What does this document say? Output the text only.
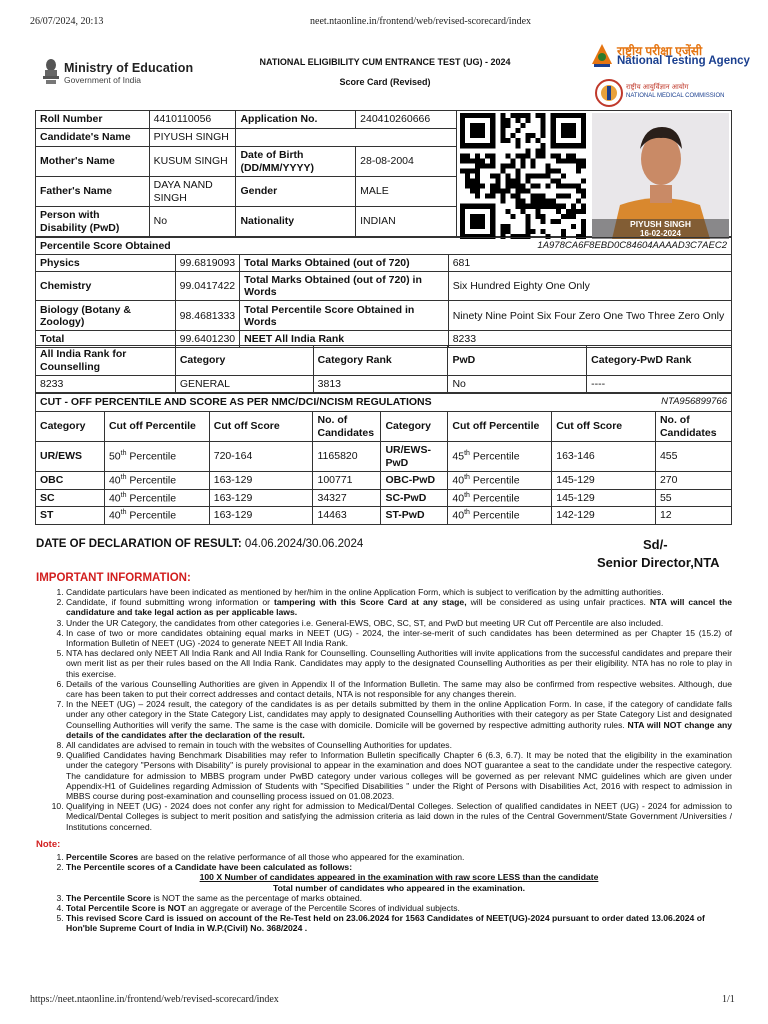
26/07/2024, 20:13	neet.ntaonline.in/frontend/web/revised-scorecard/index
https://neet.ntaonline.in/frontend/web/revised-scorecard/index	1/1
Ministry of Education
Government of India
राष्ट्रीय परीक्षा एजेंसी
National Testing Agency
राष्ट्रीय आयुर्विज्ञान आयोग
NATIONAL MEDICAL COMMISSION
NATIONAL ELIGIBILITY CUM ENTRANCE TEST (UG) - 2024
Score Card (Revised)
Roll Number	4410110056	Application No.	240410260666
Candidate's Name	PIYUSH SINGH		
Mother's Name	KUSUM SINGH	Date of Birth (DD/MM/YYYY)	28-08-2004
Father's Name	DAYA NAND SINGH	Gender	MALE
Person with Disability (PwD)	No	Nationality	INDIAN	PIYUSH SINGH
16-02-2024
Percentile Score Obtained		1A978CA6F8EBD0C84604AAAAD3C7AEC2	
Physics	99.6819093	Total Marks Obtained (out of 720)	681
Chemistry	99.0417422	Total Marks Obtained (out of 720) in Words	Six Hundred Eighty One Only
Biology (Botany & Zoology)	98.4681333	Total Percentile Score Obtained in Words	Ninety Nine Point Six Four Zero One Two Three Zero Only
Total	99.6401230	NEET All India Rank	8233
All India Rank for Counselling	Category	Category Rank	PwD	Category-PwD Rank
8233	GENERAL	3813	No	----
CUT - OFF PERCENTILE AND SCORE AS PER NMC/DCI/NCISM REGULATIONS						NTA956899766	
Category	Cut off Percentile	Cut off Score	No. of Candidates	Category	Cut off Percentile	Cut off Score	No. of Candidates
UR/EWS	50th Percentile	720-164	1165820	UR/EWS-PwD	45th Percentile	163-146	455
OBC	40th Percentile	163-129	100771	OBC-PwD	40th Percentile	145-129	270
SC	40th Percentile	163-129	34327	SC-PwD	40th Percentile	145-129	55
ST	40th Percentile	163-129	14463	ST-PwD	40th Percentile	142-129	12
DATE OF DECLARATION OF RESULT: 04.06.2024/30.06.2024	Sd/-
Senior Director,NTA
IMPORTANT INFORMATION:
1. Candidate particulars have been indicated as mentioned by her/him in the online Application Form, which is subject to verification by the admitting authorities.
2. Candidate, if found submitting wrong information or tampering with this Score Card at any stage, will be considered as using unfair practices. NTA will cancel the candidature and take legal action as per applicable laws.
3. Under the UR Category, the candidates from other categories i.e. General-EWS, OBC, SC, ST, and PwD but meeting UR Cut off Percentile are also included.
4. In case of two or more candidates obtaining equal marks in NEET (UG) - 2024, the inter-se-merit of such candidates has been determined as per Chapter 15 (15.2) of Information Bulletin of NEET (UG) -2024 to generate NEET All India Rank.
5. NTA has declared only NEET All India Rank and All India Rank for Counselling. Counselling Authorities will invite applications from the successful candidates and prepare their own merit list as per their rules based on the All India Rank. Candidates may apply to the designated Counselling Authorities as per their eligibility. NTA has no role to play in this exercise.
6. Details of the various Counselling Authorities are given in Appendix II of the Information Bulletin. The same may also be confirmed from respective websites. Although, due care has been taken to put their correct addresses and contact details, NTA is not responsible for any changes therein.
7. In the NEET (UG) – 2024 result, the category of the candidates is as per details submitted by them in the online Application Form. In case, if the category of candidate falls under any other category in the State Category List, candidates may apply to designated Counselling Authorities with their category as per State Category List and designated Counselling Authorities will verify the same. The same is the case with domicile. Domicile will be governed by respective admitting authority rules. NTA will NOT change any details of the candidates after the declaration of the result.
8. All candidates are advised to remain in touch with the websites of Counselling Authorities for updates.
9. Qualified Candidates having Benchmark Disabilities may refer to Information Bulletin specifically Chapter 6 (6.3, 6.7). It may be noted that the eligibility in the examination under the category "Persons with Disability" is purely provisional to appear in the examination and does NOT guarantee a seat to the candidate under the respective category. The candidature for admission to MBBS program under PwBD category under various colleges will be governed as per relevant NMC guidelines which are given under Appendix-H1 of Guidelines regarding Admission of Students with "Specified Disabilities " under the Right of Persons with Disabilities Act, 2016 with respect to admission in MBBS course during post-examination and counselling process issued on 01.08.2023.
10. Qualifying in NEET (UG) - 2024 does not confer any right for admission to Medical/Dental Colleges. Selection of qualified candidates in NEET (UG) - 2024 for admission to Medical/Dental Colleges is subject to merit position and satisfying the admission criteria as laid down in the rules of the Central Government/State Government /Universities / Institutions concerned.
Note:
1. Percentile Scores are based on the relative performance of all those who appeared for the examination.
2. The Percentile scores of a Candidate have been calculated as follows:
100 X Number of candidates appeared in the examination with raw score LESS than the candidate
Total number of candidates who appeared in the examination.
3. The Percentile Score is NOT the same as the percentage of marks obtained.
4. Total Percentile Score is NOT an aggregate or average of the Percentile Scores of individual subjects.
5. This revised Score Card is issued on account of the Re-Test held on 23.06.2024 for 1563 Candidates of NEET(UG)-2024 pursuant to order dated 13.06.2024 of Hon'ble Supreme Court of India in W.P.(Civil) No. 368/2024 .
